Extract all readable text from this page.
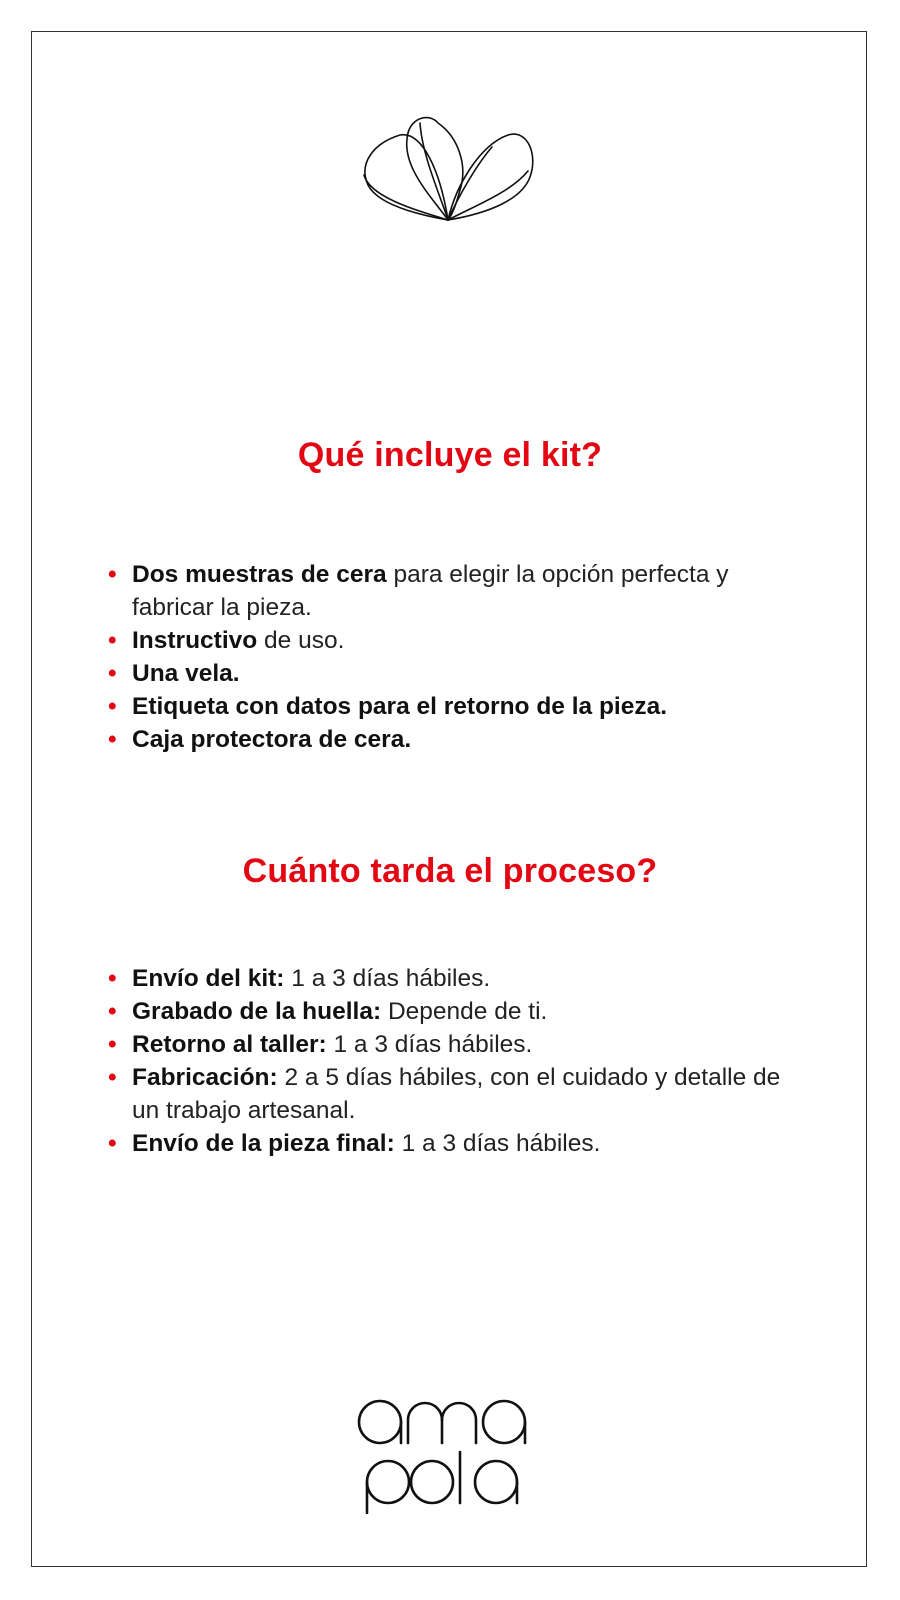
Qué incluye el kit?
• Dos muestras de cera para elegir la opción perfecta y fabricar la pieza.
• Instructivo de uso.
• Una vela.
• Etiqueta con datos para el retorno de la pieza.
• Caja protectora de cera.
Cuánto tarda el proceso?
• Envío del kit: 1 a 3 días hábiles.
• Grabado de la huella: Depende de ti.
• Retorno al taller: 1 a 3 días hábiles.
• Fabricación: 2 a 5 días hábiles, con el cuidado y detalle de un trabajo artesanal.
• Envío de la pieza final: 1 a 3 días hábiles.
